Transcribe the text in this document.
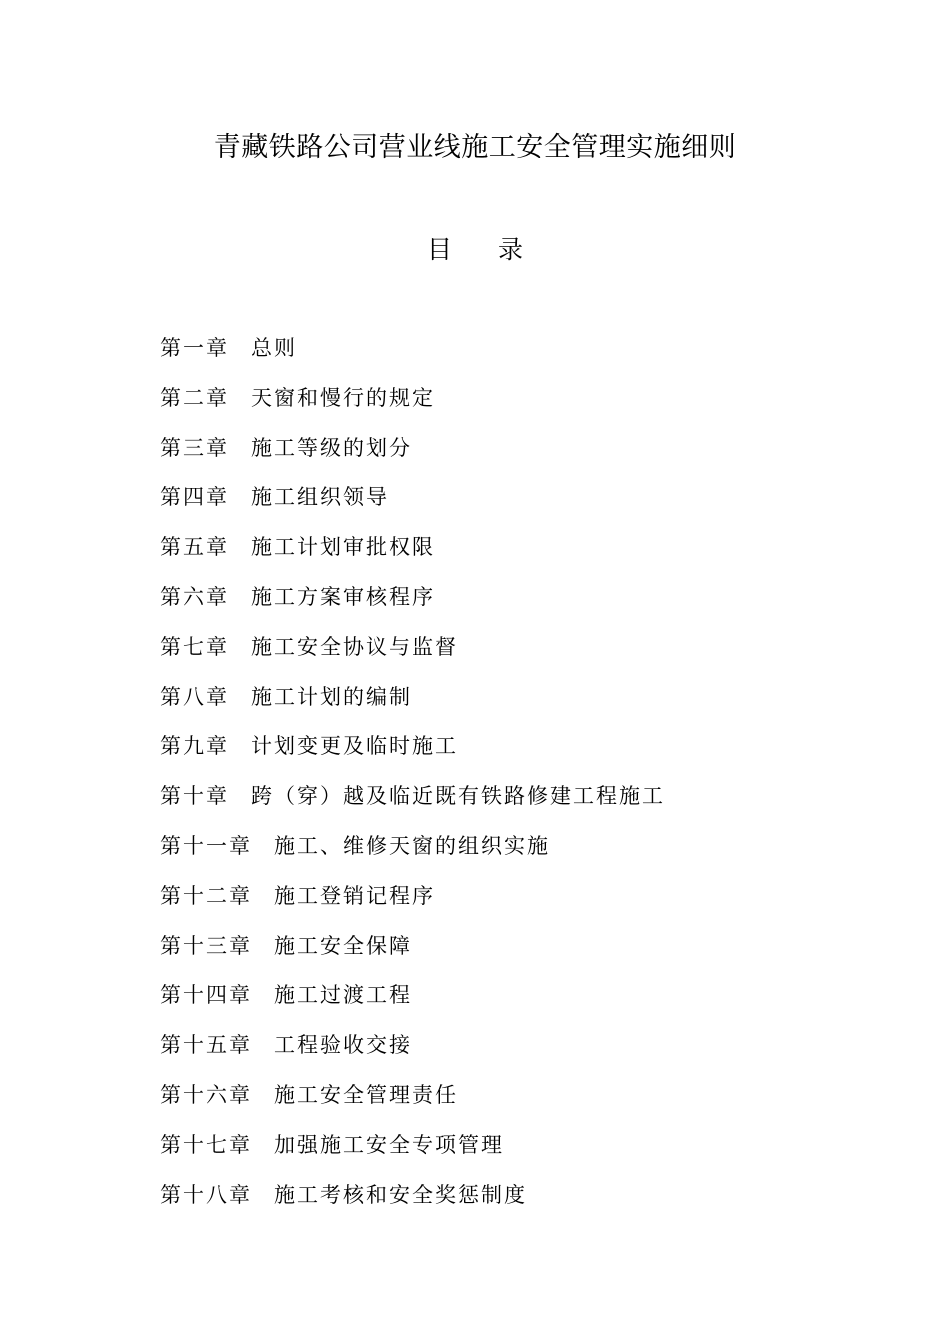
青藏铁路公司营业线施工安全管理实施细则
目 录
第一章 总则
第二章 天窗和慢行的规定
第三章 施工等级的划分
第四章 施工组织领导
第五章 施工计划审批权限
第六章 施工方案审核程序
第七章 施工安全协议与监督
第八章 施工计划的编制
第九章 计划变更及临时施工
第十章 跨（穿）越及临近既有铁路修建工程施工
第十一章 施工、维修天窗的组织实施
第十二章 施工登销记程序
第十三章 施工安全保障
第十四章 施工过渡工程
第十五章 工程验收交接
第十六章 施工安全管理责任
第十七章 加强施工安全专项管理
第十八章 施工考核和安全奖惩制度
